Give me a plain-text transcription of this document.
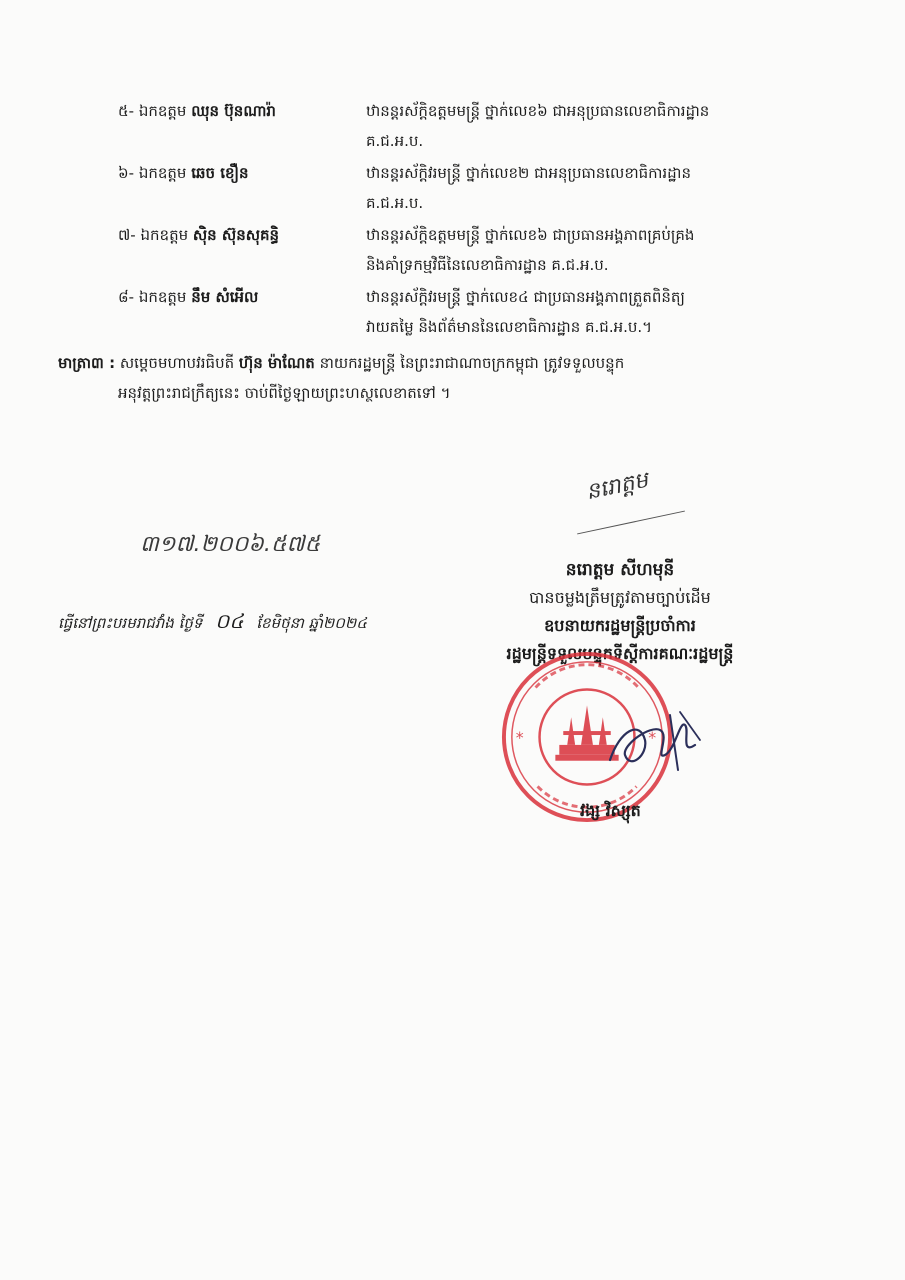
៥- ឯកឧត្តម ឈុន ប៊ុនណារ៉ា	ឋានន្តរស័ក្តិឧត្តមមន្ត្រី ថ្នាក់លេខ៦ ជាអនុប្រធានលេខាធិការដ្ឋាន
គ.ជ.អ.ប.
៦- ឯកឧត្តម ឆេច ខឿន	ឋានន្តរស័ក្តិវរមន្ត្រី ថ្នាក់លេខ២ ជាអនុប្រធានលេខាធិការដ្ឋាន
គ.ជ.អ.ប.
៧- ឯកឧត្តម ស៊ិន ស៊ុនសុគន្ធិ	ឋានន្តរស័ក្តិឧត្តមមន្ត្រី ថ្នាក់លេខ៦ ជាប្រធានអង្គភាពគ្រប់គ្រង
និងគាំទ្រកម្មវិធីនៃលេខាធិការដ្ឋាន គ.ជ.អ.ប.
៨- ឯកឧត្តម នឹម សំអើល	ឋានន្តរស័ក្តិវរមន្ត្រី ថ្នាក់លេខ៤ ជាប្រធានអង្គភាពត្រួតពិនិត្យ
វាយតម្លៃ និងព័ត៌មាននៃលេខាធិការដ្ឋាន គ.ជ.អ.ប.។
មាត្រា៣ : សម្តេចមហាបវរធិបតី ហ៊ុន ម៉ាណែត នាយករដ្ឋមន្ត្រី នៃព្រះរាជាណាចក្រកម្ពុជា ត្រូវទទួលបន្ទុក
អនុវត្តព្រះរាជក្រឹត្យនេះ ចាប់ពីថ្ងៃឡាយព្រះហស្ថលេខាតទៅ ។
នរោត្តម
៣១៧.២០០៦.៥៧៥
ធ្វើនៅព្រះបរមរាជវាំង ថ្ងៃទី ០៤ ខែមិថុនា ឆ្នាំ២០២៤
នរោត្តម សីហមុនី
បានចម្លងត្រឹមត្រូវតាមច្បាប់ដើម
ឧបនាយករដ្ឋមន្ត្រីប្រចាំការ
រដ្ឋមន្ត្រីទទួលបន្ទុកទីស្តីការគណៈរដ្ឋមន្ត្រី
*	*
វង្ស វិស្សុត
